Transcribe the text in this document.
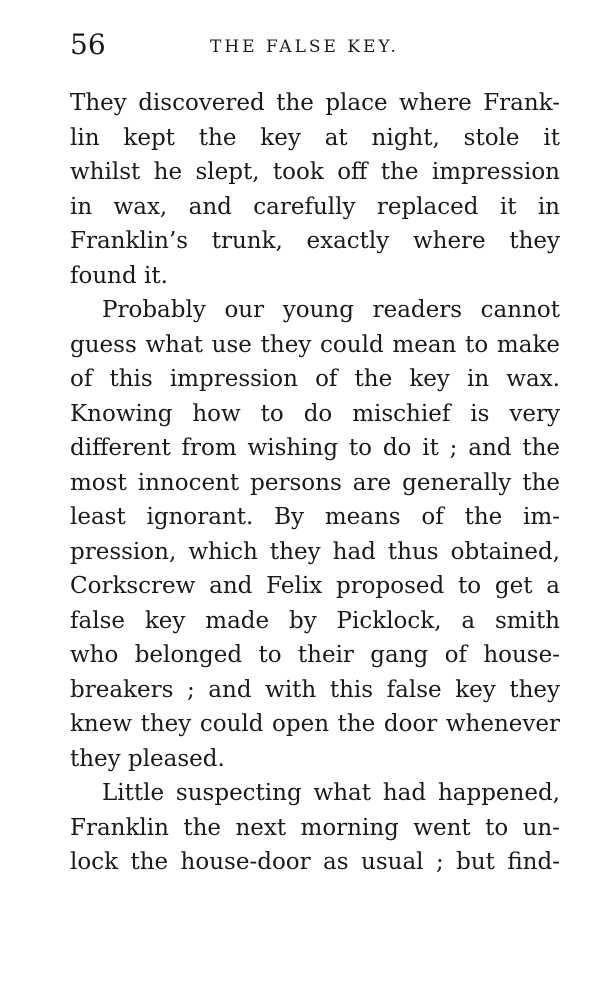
56	THE FALSE KEY.
They discovered the place where Frank-
lin kept the key at night, stole it
whilst he slept, took off the impression
in wax, and carefully replaced it in
Franklin’s trunk, exactly where they
found it.
Probably our young readers cannot
guess what use they could mean to make
of this impression of the key in wax.
Knowing how to do mischief is very
different from wishing to do it ; and the
most innocent persons are generally the
least ignorant. By means of the im-
pression, which they had thus obtained,
Corkscrew and Felix proposed to get a
false key made by Picklock, a smith
who belonged to their gang of house-
breakers ; and with this false key they
knew they could open the door whenever
they pleased.
Little suspecting what had happened,
Franklin the next morning went to un-
lock the house-door as usual ; but find-
